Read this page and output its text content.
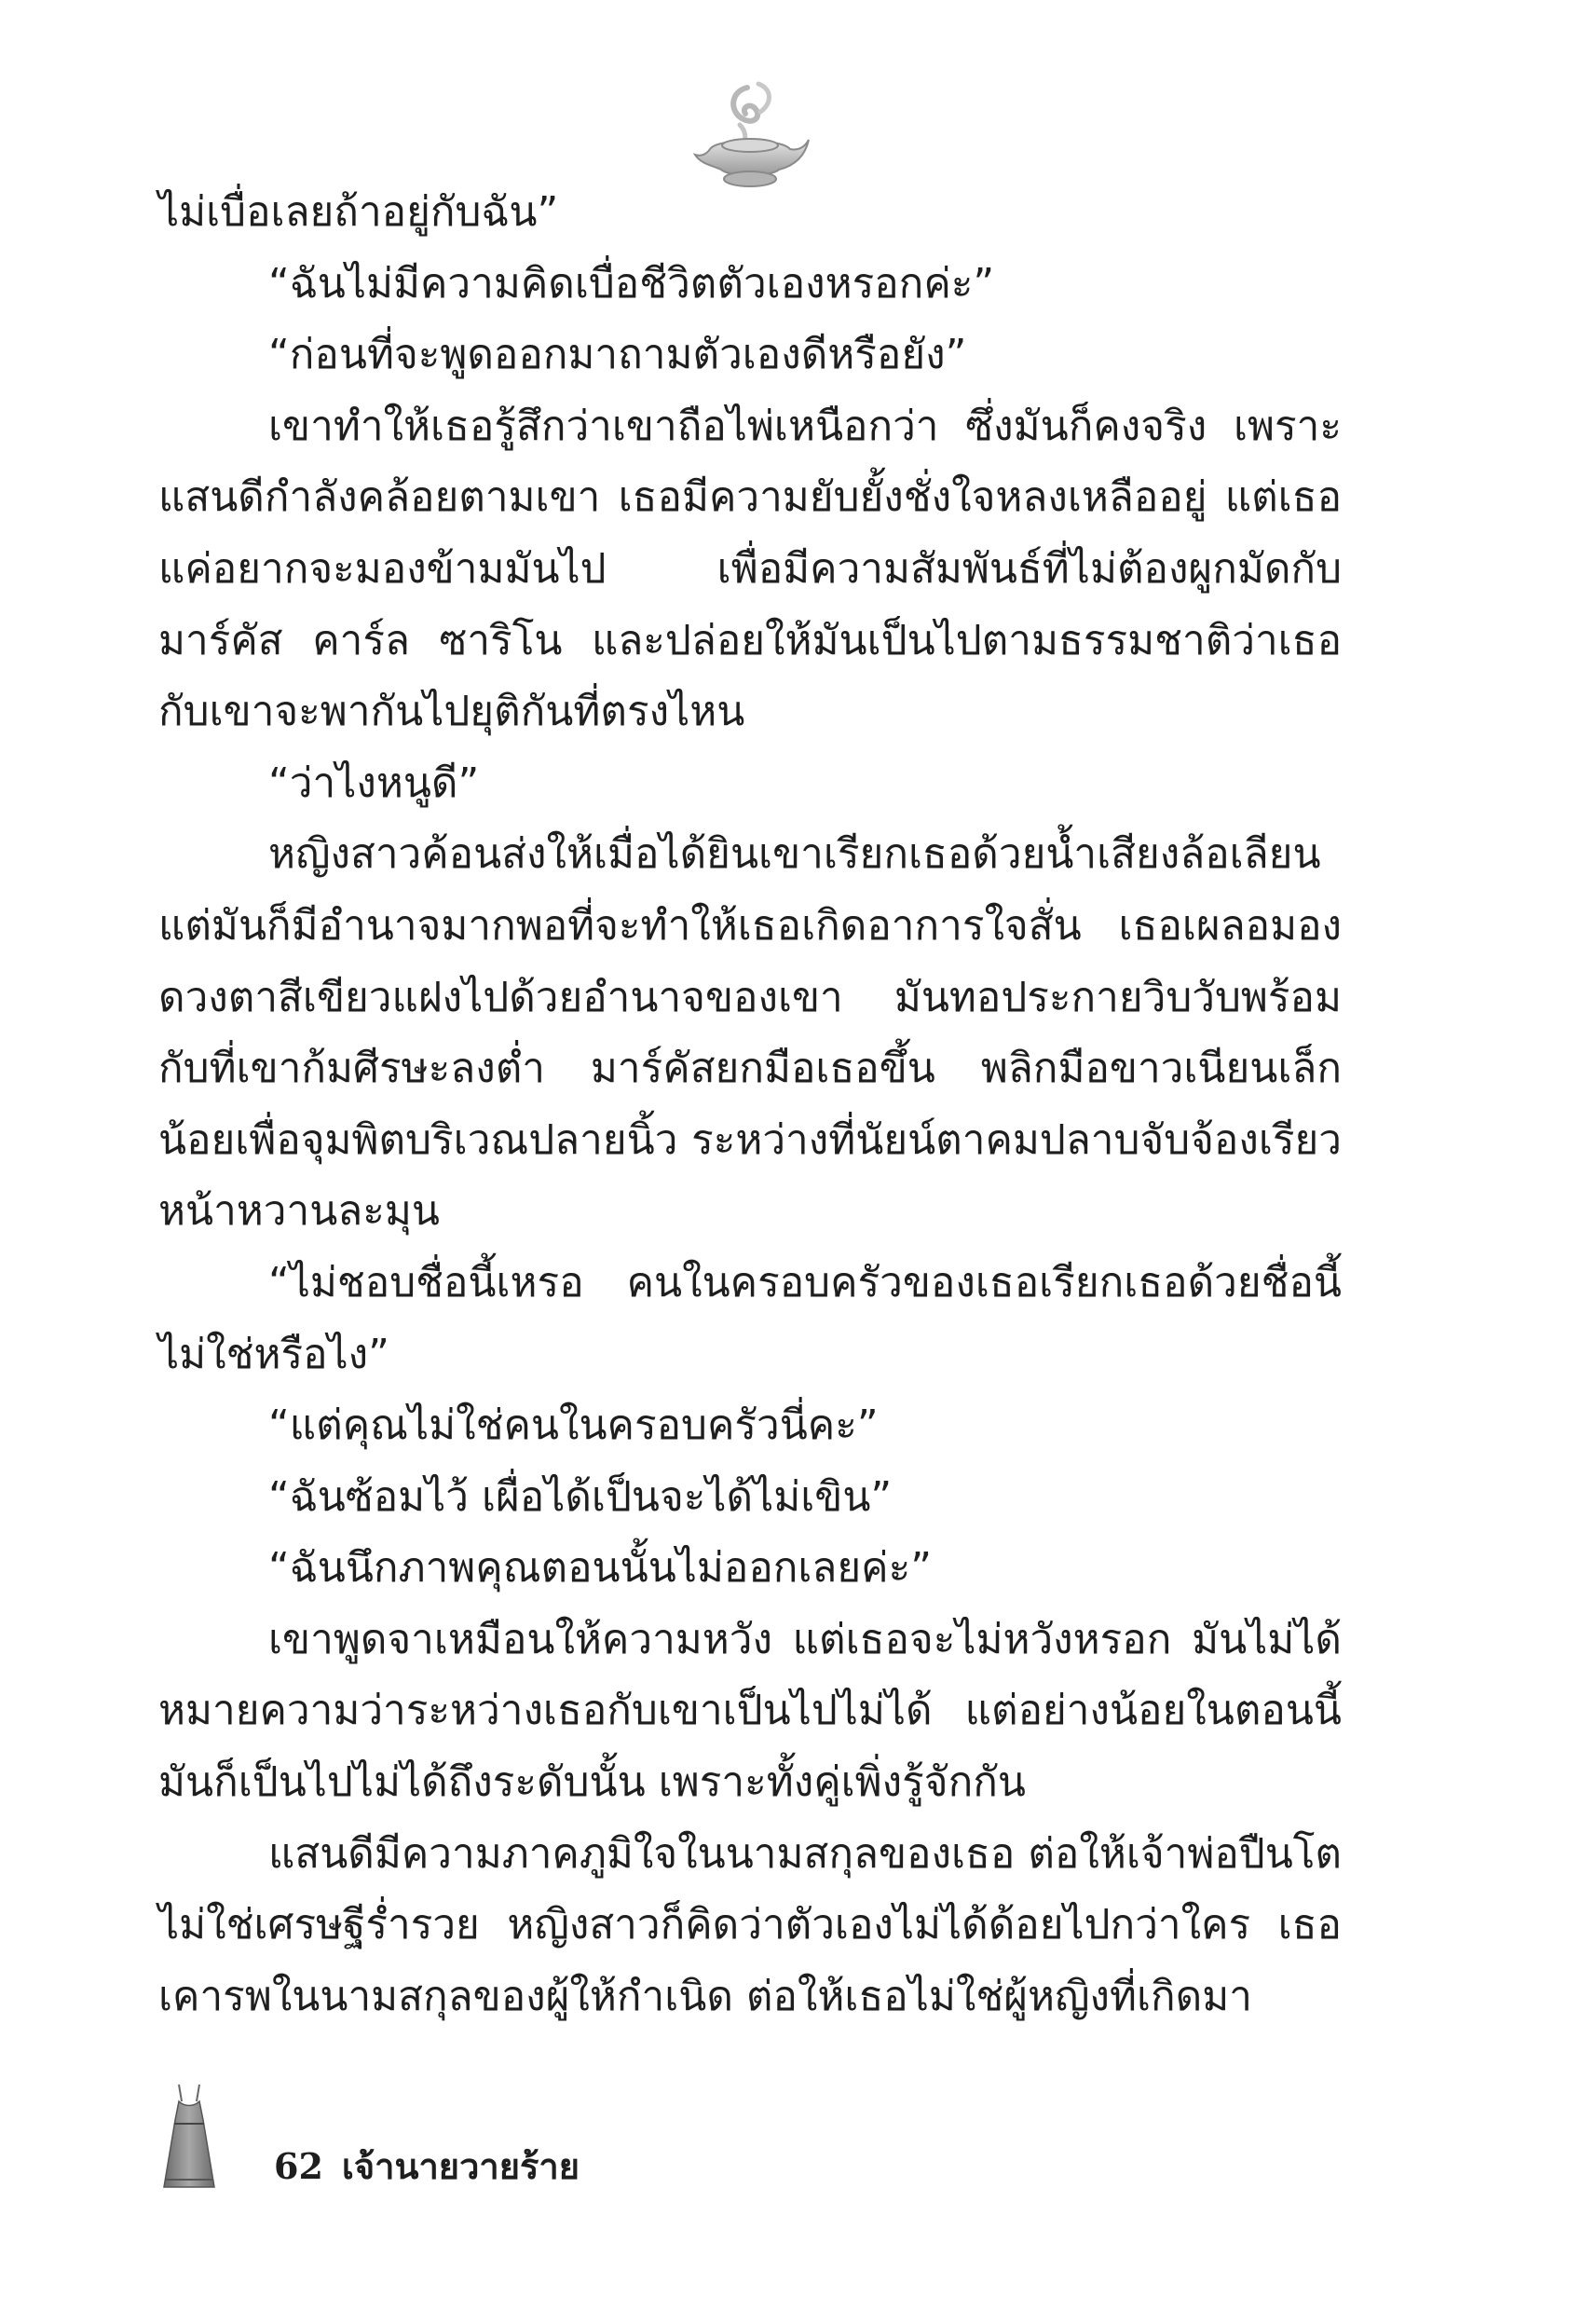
ไม่เบื่อเลยถ้าอยู่กับฉัน”

“ฉันไม่มีความคิดเบื่อชีวิตตัวเองหรอกค่ะ”

“ก่อนที่จะพูดออกมาถามตัวเองดีหรือยัง”

เขาทำให้เธอรู้สึกว่าเขาถือไพ่เหนือกว่า ซึ่งมันก็คงจริง เพราะแสนดีกำลังคล้อยตามเขา เธอมีความยับยั้งชั่งใจหลงเหลืออยู่ แต่เธอแค่อยากจะมองข้ามมันไป เพื่อมีความสัมพันธ์ที่ไม่ต้องผูกมัดกับมาร์คัส คาร์ล ซาริโน และปล่อยให้มันเป็นไปตามธรรมชาติว่าเธอกับเขาจะพากันไปยุติกันที่ตรงไหน

“ว่าไงหนูดี”

หญิงสาวค้อนส่งให้เมื่อได้ยินเขาเรียกเธอด้วยน้ำเสียงล้อเลียน แต่มันก็มีอำนาจมากพอที่จะทำให้เธอเกิดอาการใจสั่น เธอเผลอมองดวงตาสีเขียวแฝงไปด้วยอำนาจของเขา มันทอประกายวิบวับพร้อมกับที่เขาก้มศีรษะลงต่ำ มาร์คัสยกมือเธอขึ้น พลิกมือขาวเนียนเล็กน้อยเพื่อจุมพิตบริเวณปลายนิ้ว ระหว่างที่นัยน์ตาคมปลาบจับจ้องเรียวหน้าหวานละมุน

“ไม่ชอบชื่อนี้เหรอ คนในครอบครัวของเธอเรียกเธอด้วยชื่อนี้ไม่ใช่หรือไง”

“แต่คุณไม่ใช่คนในครอบครัวนี่คะ”

“ฉันซ้อมไว้ เผื่อได้เป็นจะได้ไม่เขิน”

“ฉันนึกภาพคุณตอนนั้นไม่ออกเลยค่ะ”

เขาพูดจาเหมือนให้ความหวัง แต่เธอจะไม่หวังหรอก มันไม่ได้หมายความว่าระหว่างเธอกับเขาเป็นไปไม่ได้ แต่อย่างน้อยในตอนนี้มันก็เป็นไปไม่ได้ถึงระดับนั้น เพราะทั้งคู่เพิ่งรู้จักกัน

แสนดีมีความภาคภูมิใจในนามสกุลของเธอ ต่อให้เจ้าพ่อปืนโตไม่ใช่เศรษฐีร่ำรวย หญิงสาวก็คิดว่าตัวเองไม่ได้ด้อยไปกว่าใคร เธอเคารพในนามสกุลของผู้ให้กำเนิด ต่อให้เธอไม่ใช่ผู้หญิงที่เกิดมา

62 เจ้านายวายร้าย
